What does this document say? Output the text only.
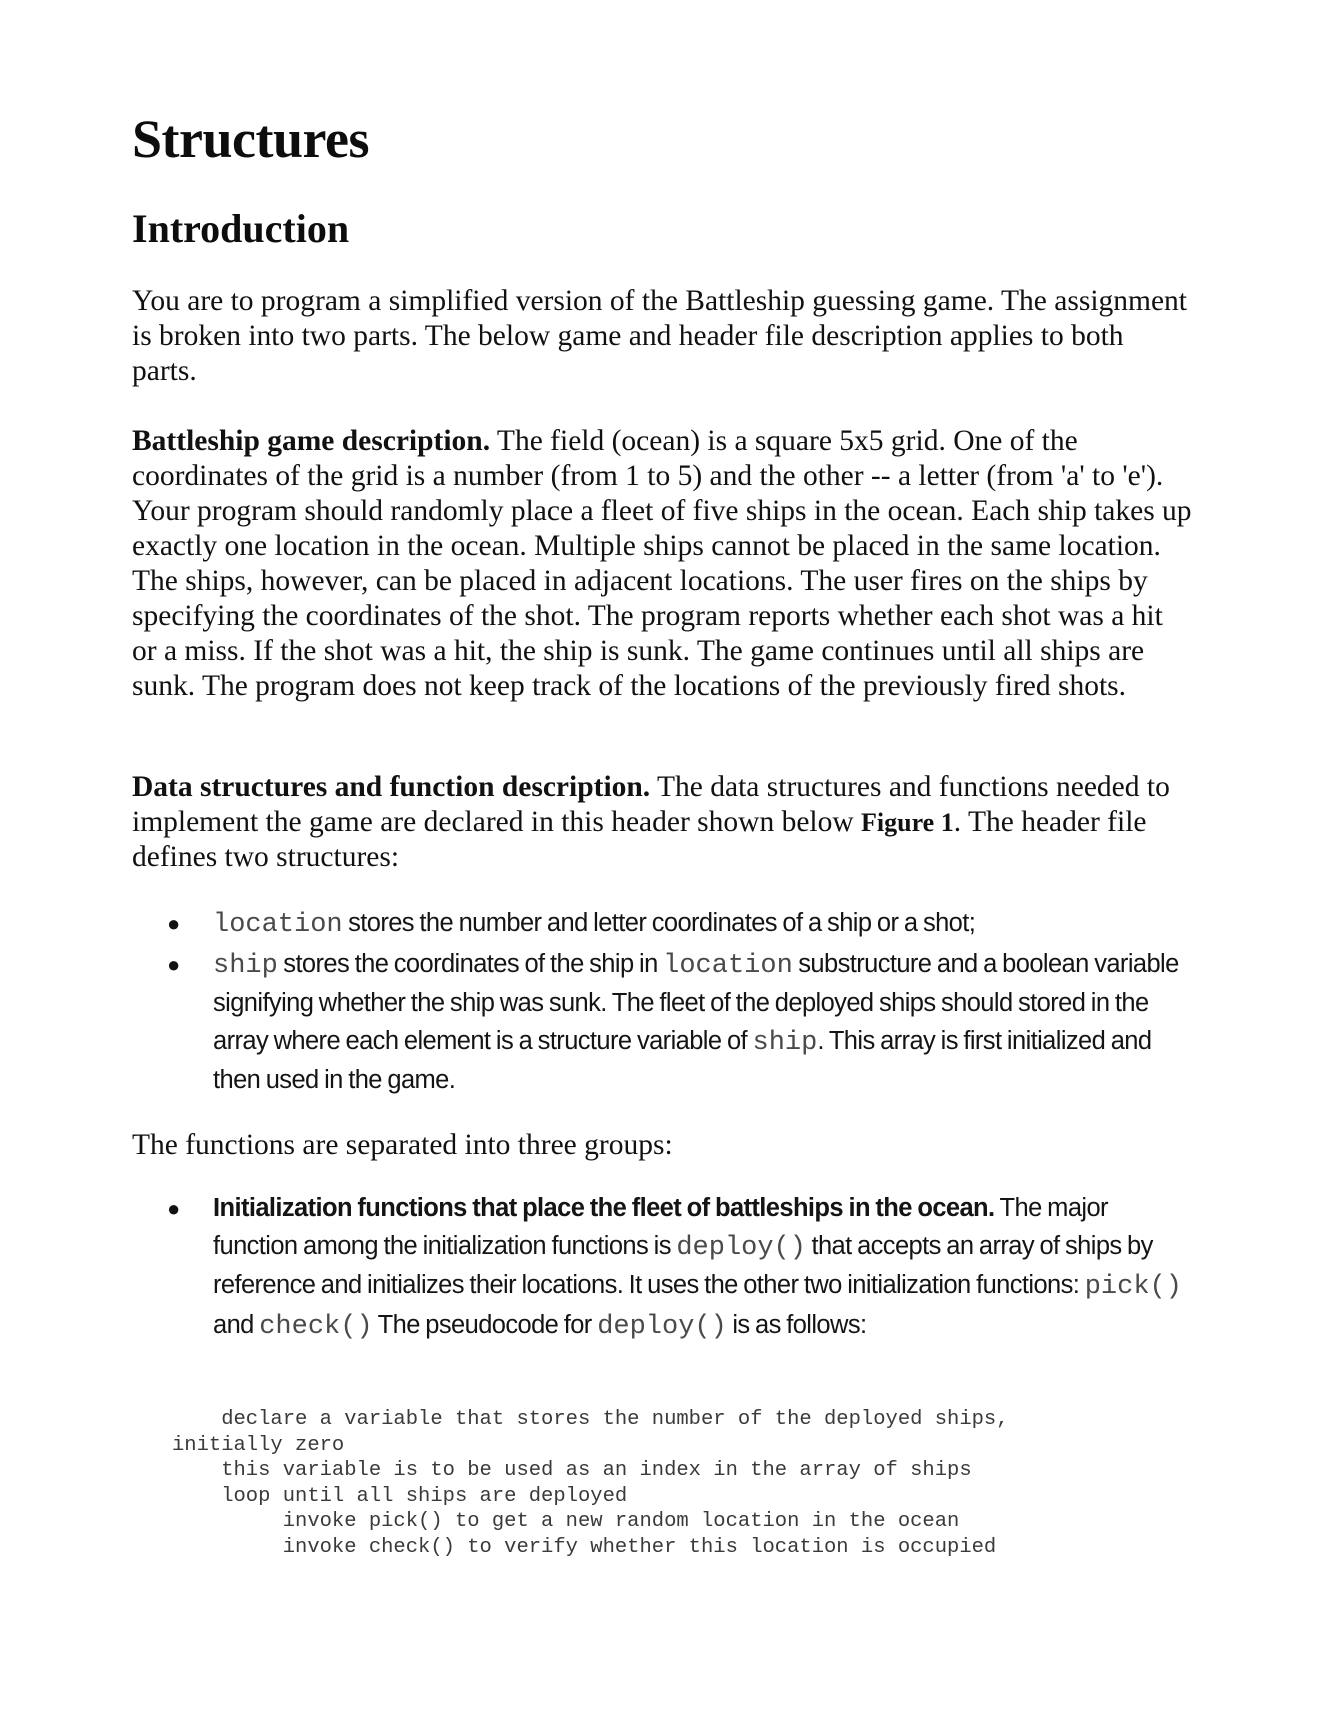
Structures
Introduction

You are to program a simplified version of the Battleship guessing game. The assignment is broken into two parts. The below game and header file description applies to both parts.

Battleship game description. The field (ocean) is a square 5x5 grid. One of the coordinates of the grid is a number (from 1 to 5) and the other -- a letter (from 'a' to 'e'). Your program should randomly place a fleet of five ships in the ocean. Each ship takes up exactly one location in the ocean. Multiple ships cannot be placed in the same location. The ships, however, can be placed in adjacent locations. The user fires on the ships by specifying the coordinates of the shot. The program reports whether each shot was a hit or a miss. If the shot was a hit, the ship is sunk. The game continues until all ships are sunk. The program does not keep track of the locations of the previously fired shots.

Data structures and function description. The data structures and functions needed to implement the game are declared in this header shown below Figure 1. The header file defines two structures:

● location stores the number and letter coordinates of a ship or a shot;
● ship stores the coordinates of the ship in location substructure and a boolean variable signifying whether the ship was sunk. The fleet of the deployed ships should stored in the array where each element is a structure variable of ship. This array is first initialized and then used in the game.

The functions are separated into three groups:

● Initialization functions that place the fleet of battleships in the ocean. The major function among the initialization functions is deploy() that accepts an array of ships by reference and initializes their locations. It uses the other two initialization functions: pick() and check() The pseudocode for deploy() is as follows:
declare a variable that stores the number of the deployed ships,
initially zero
this variable is to be used as an index in the array of ships
loop until all ships are deployed
invoke pick() to get a new random location in the ocean
invoke check() to verify whether this location is occupied
